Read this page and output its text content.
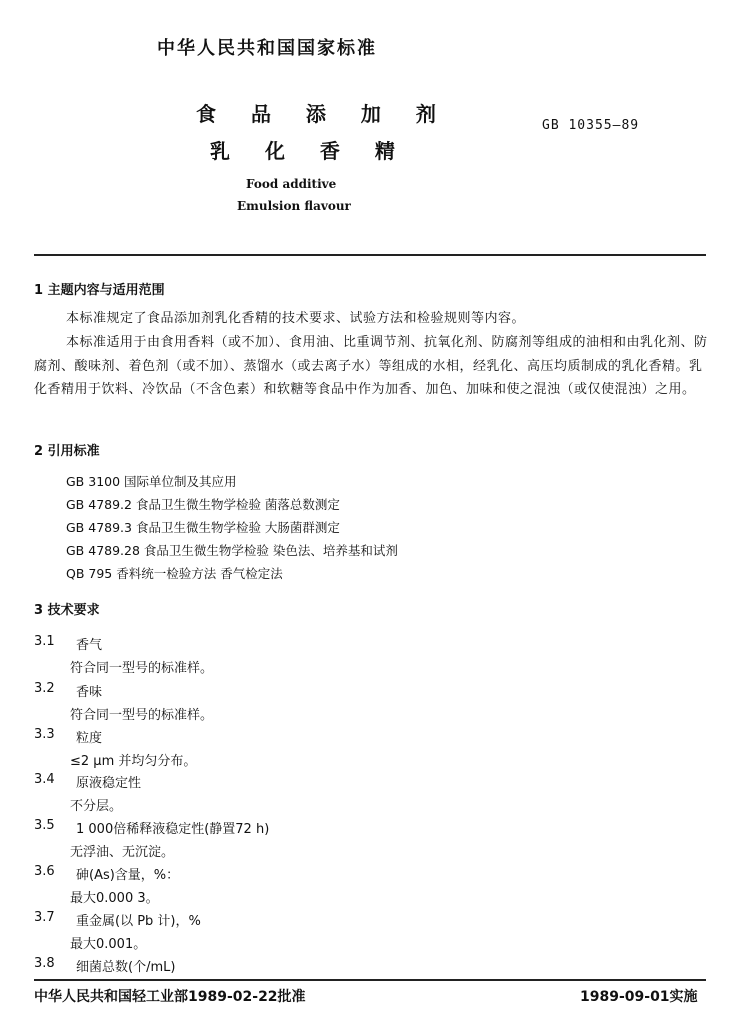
中华人民共和国国家标准
食 品 添 加 剂
乳 化 香 精
GB 10355—89
Food additive
Emulsion flavour
1 主题内容与适用范围
本标准规定了食品添加剂乳化香精的技术要求、试验方法和检验规则等内容。
本标准适用于由食用香料（或不加）、食用油、比重调节剂、抗氧化剂、防腐剂等组成的油相和由乳化剂、防腐剂、酸味剂、着色剂（或不加）、蒸馏水（或去离子水）等组成的水相，经乳化、高压均质制成的乳化香精。乳化香精用于饮料、冷饮品（不含色素）和软糖等食品中作为加香、加色、加味和使之混浊（或仅使混浊）之用。
2 引用标准
GB 3100 国际单位制及其应用
GB 4789.2 食品卫生微生物学检验 菌落总数测定
GB 4789.3 食品卫生微生物学检验 大肠菌群测定
GB 4789.28 食品卫生微生物学检验 染色法、培养基和试剂
QB 795 香料统一检验方法 香气检定法
3 技术要求
3.1 香气
符合同一型号的标准样。
3.2 香味
符合同一型号的标准样。
3.3 粒度
≤2 μm 并均匀分布。
3.4 原液稳定性
不分层。
3.5 1 000倍稀释液稳定性(静置72 h)
无浮油、无沉淀。
3.6 砷(As)含量，%：
最大0.000 3。
3.7 重金属(以 Pb 计)，%
最大0.001。
3.8 细菌总数(个/mL)
中华人民共和国轻工业部1989-02-22批准	1989-09-01实施
